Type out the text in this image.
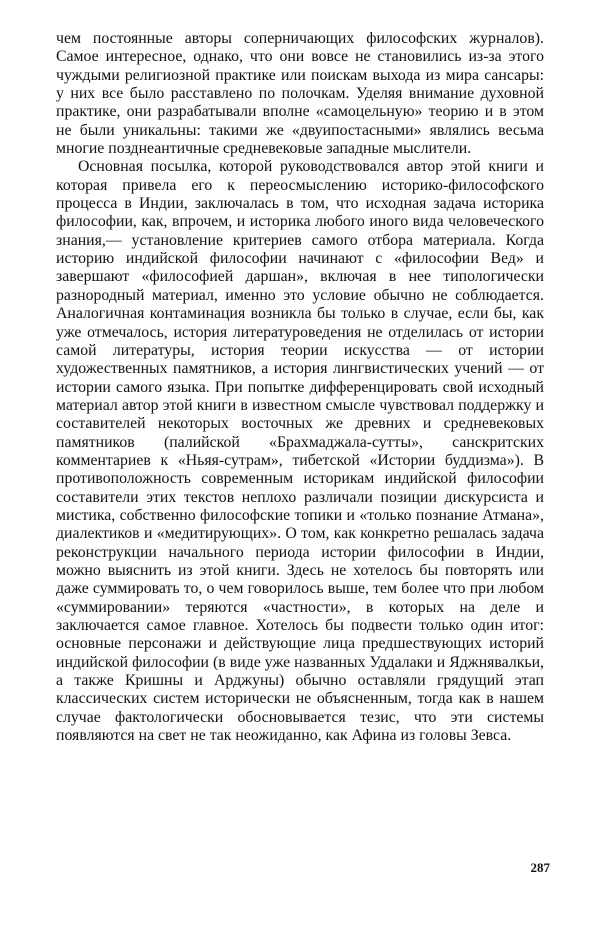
чем постоянные авторы соперничающих философских журналов). Самое интересное, однако, что они вовсе не становились из-за этого чуждыми религиозной практике или поискам выхода из мира сансары: у них все было расставлено по полочкам. Уделяя внимание духовной практике, они разрабатывали вполне «самоцельную» теорию и в этом не были уникальны: такими же «двуипостасными» являлись весьма многие позднеантичные средневековые западные мыслители.

Основная посылка, которой руководствовался автор этой книги и которая привела его к переосмыслению историко-философского процесса в Индии, заключалась в том, что исходная задача историка философии, как, впрочем, и историка любого иного вида человеческого знания,— установление критериев самого отбора материала. Когда историю индийской философии начинают с «философии Вед» и завершают «философией даршан», включая в нее типологически разнородный материал, именно это условие обычно не соблюдается. Аналогичная контаминация возникла бы только в случае, если бы, как уже отмечалось, история литературоведения не отделилась от истории самой литературы, история теории искусства — от истории художественных памятников, а история лингвистических учений — от истории самого языка. При попытке дифференцировать свой исходный материал автор этой книги в известном смысле чувствовал поддержку и составителей некоторых восточных же древних и средневековых памятников (палийской «Брахмаджала-сутты», санскритских комментариев к «Ньяя-сутрам», тибетской «Истории буддизма»). В противоположность современным историкам индийской философии составители этих текстов неплохо различали позиции дискурсиста и мистика, собственно философские топики и «только познание Атмана», диалектиков и «медитирующих». О том, как конкретно решалась задача реконструкции начального периода истории философии в Индии, можно выяснить из этой книги. Здесь не хотелось бы повторять или даже суммировать то, о чем говорилось выше, тем более что при любом «суммировании» теряются «частности», в которых на деле и заключается самое главное. Хотелось бы подвести только один итог: основные персонажи и действующие лица предшествующих историй индийской философии (в виде уже названных Уддалаки и Яджнявалкьи, а также Кришны и Арджуны) обычно оставляли грядущий этап классических систем исторически не объясненным, тогда как в нашем случае фактологически обосновывается тезис, что эти системы появляются на свет не так неожиданно, как Афина из головы Зевса.

287
